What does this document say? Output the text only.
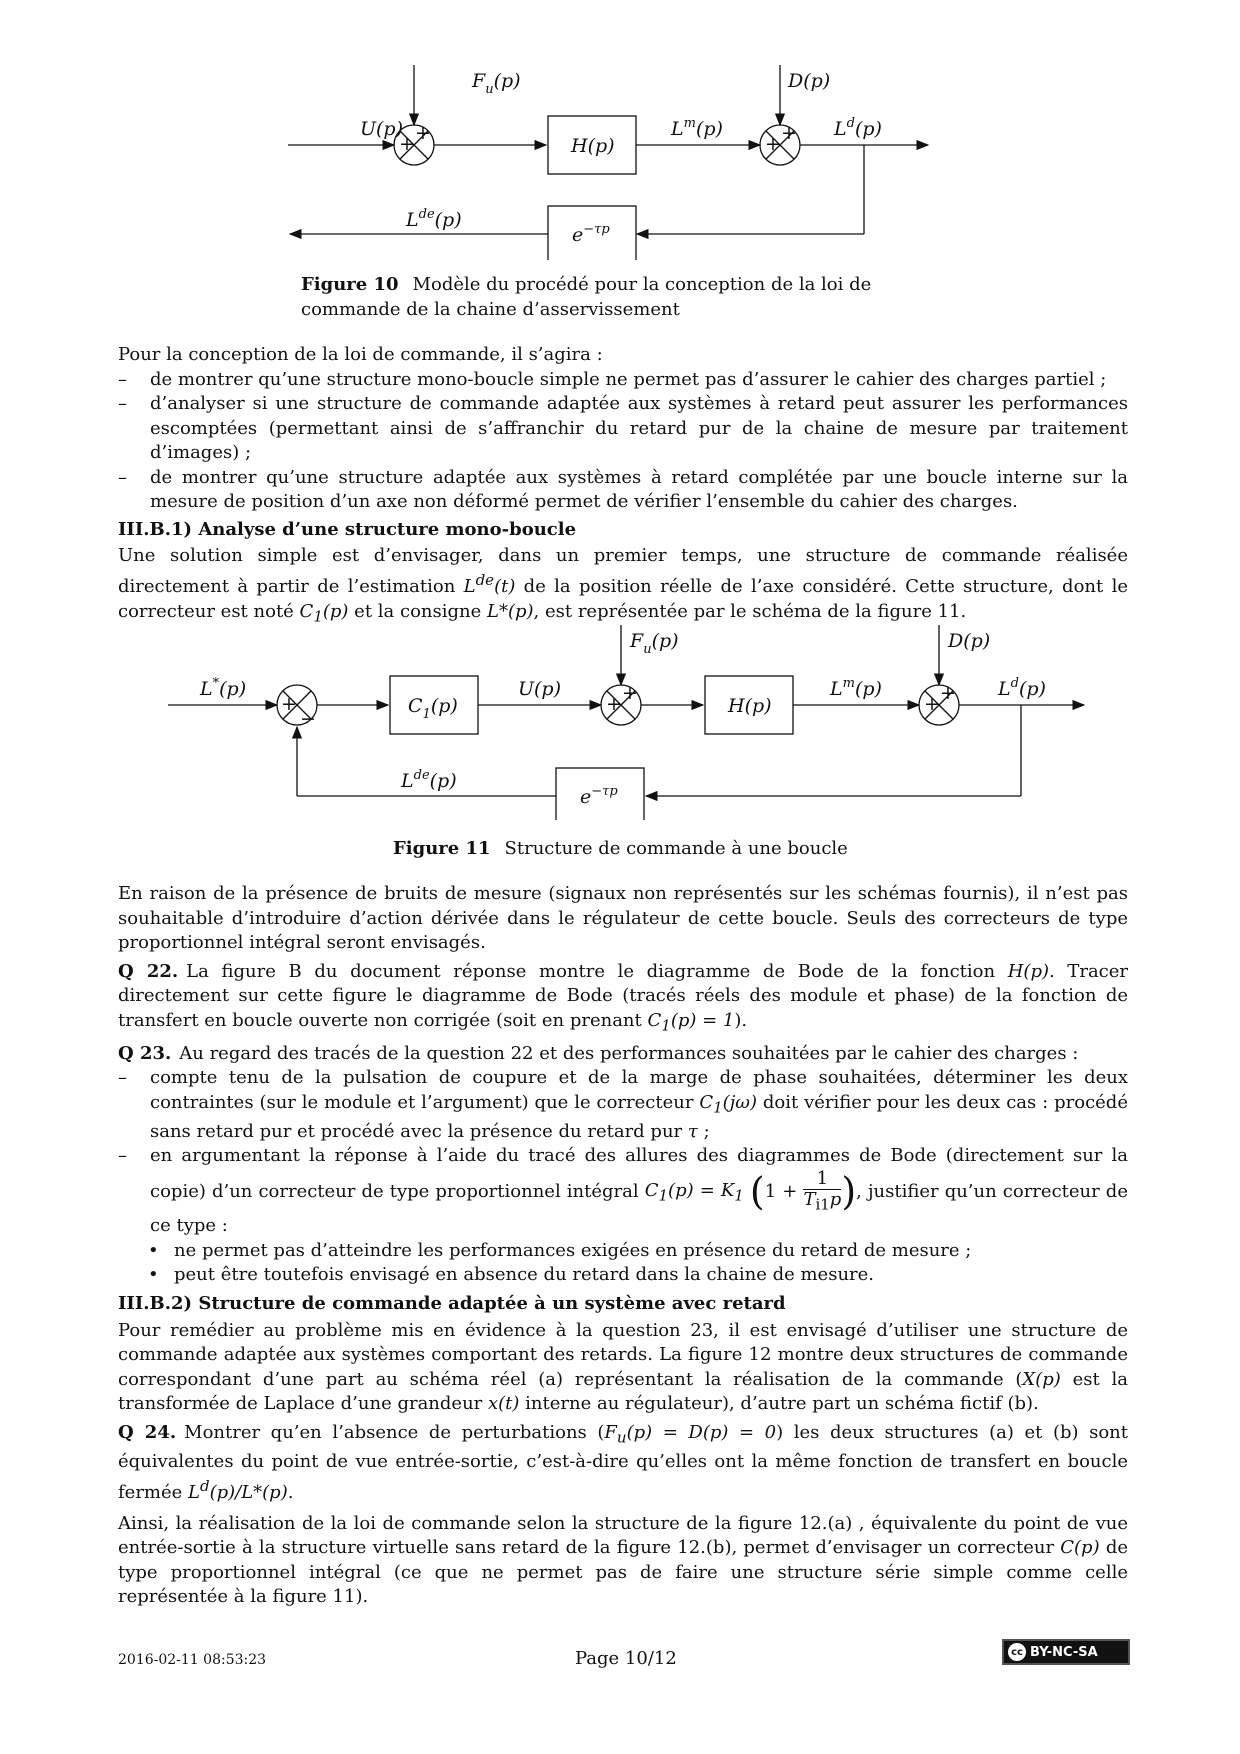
$F_u(p)$	D(p)
U(p) +
+	H(p)
$L^m(p)$	+
+
$L^d(p)$
Lde(p)
$e^{-\tau p}$
Figure 10 Modèle du procédé pour la conception de la loi de commande de la chaine d’asservissement

Pour la conception de la loi de commande, il s’agira :

– de montrer qu’une structure mono-boucle simple ne permet pas d’assurer le cahier des charges partiel ;

– d’analyser si une structure de commande adaptée aux systèmes à retard peut assurer les performances escomptées (permettant ainsi de s’affranchir du retard pur de la chaine de mesure par traitement d’images) ;

– de montrer qu’une structure adaptée aux systèmes à retard complétée par une boucle interne sur la mesure de position d’un axe non déformé permet de vérifier l’ensemble du cahier des charges.

III.B.1) Analyse d’une structure mono-boucle

Une solution simple est d’envisager, dans un premier temps, une structure de commande réalisée directement à partir de l’estimation Lde(t) de la position réelle de l’axe considéré. Cette structure, dont le correcteur est noté $C_1(p)$ et la consigne L*(p), est représentée par le schéma de la figure 11.

L*(p)
+
−
$C_1(p)$
U(p)
$F_u(p)$
+
+	H(p)
$L^m(p)$
D(p)
+
+
$L^d(p)$
Lde(p)
$e^{-\tau p}$
Figure 11 Structure de commande à une boucle

En raison de la présence de bruits de mesure (signaux non représentés sur les schémas fournis), il n’est pas souhaitable d’introduire d’action dérivée dans le régulateur de cette boucle. Seuls des correcteurs de type proportionnel intégral seront envisagés.

Q 22. La figure B du document réponse montre le diagramme de Bode de la fonction H(p). Tracer directement sur cette figure le diagramme de Bode (tracés réels des module et phase) de la fonction de transfert en boucle ouverte non corrigée (soit en prenant $C_1(p) = 1$).

Q 23. Au regard des tracés de la question 22 et des performances souhaitées par le cahier des charges :

– compte tenu de la pulsation de coupure et de la marge de phase souhaitées, déterminer les deux contraintes (sur le module et l’argument) que le correcteur $C_1(j\omega)$ doit vérifier pour les deux cas : procédé sans retard pur et procédé avec la présence du retard pur τ ;

– en argumentant la réponse à l’aide du tracé des allures des diagrammes de Bode (directement sur la copie) d’un correcteur de type proportionnel intégral $C_1(p) = K_1$ ($1 + \frac{1}{T_{i1}p}$ ), justifier qu’un correcteur de ce type :

• ne permet pas d’atteindre les performances exigées en présence du retard de mesure ;

• peut être toutefois envisagé en absence du retard dans la chaine de mesure.

III.B.2) Structure de commande adaptée à un système avec retard

Pour remédier au problème mis en évidence à la question 23, il est envisagé d’utiliser une structure de commande adaptée aux systèmes comportant des retards. La figure 12 montre deux structures de commande correspondant d’une part au schéma réel (a) représentant la réalisation de la commande (X(p) est la transformée de Laplace d’une grandeur x(t) interne au régulateur), d’autre part un schéma fictif (b).

Q 24. Montrer qu’en l’absence de perturbations $(F_u(p) = D(p) = 0)$ les deux structures (a) et (b) sont équivalentes du point de vue entrée-sortie, c’est-à-dire qu’elles ont la même fonction de transfert en boucle fermée $L^d(p)/L*(p)$.

Ainsi, la réalisation de la loi de commande selon la structure de la figure 12.(a) , équivalente du point de vue entrée-sortie à la structure virtuelle sans retard de la figure 12.(b), permet d’envisager un correcteur C(p) de type proportionnel intégral (ce que ne permet pas de faire une structure série simple comme celle représentée à la figure 11).

2016-02-11 08:53:23	Page 10/12	cc BY-NC-SA
